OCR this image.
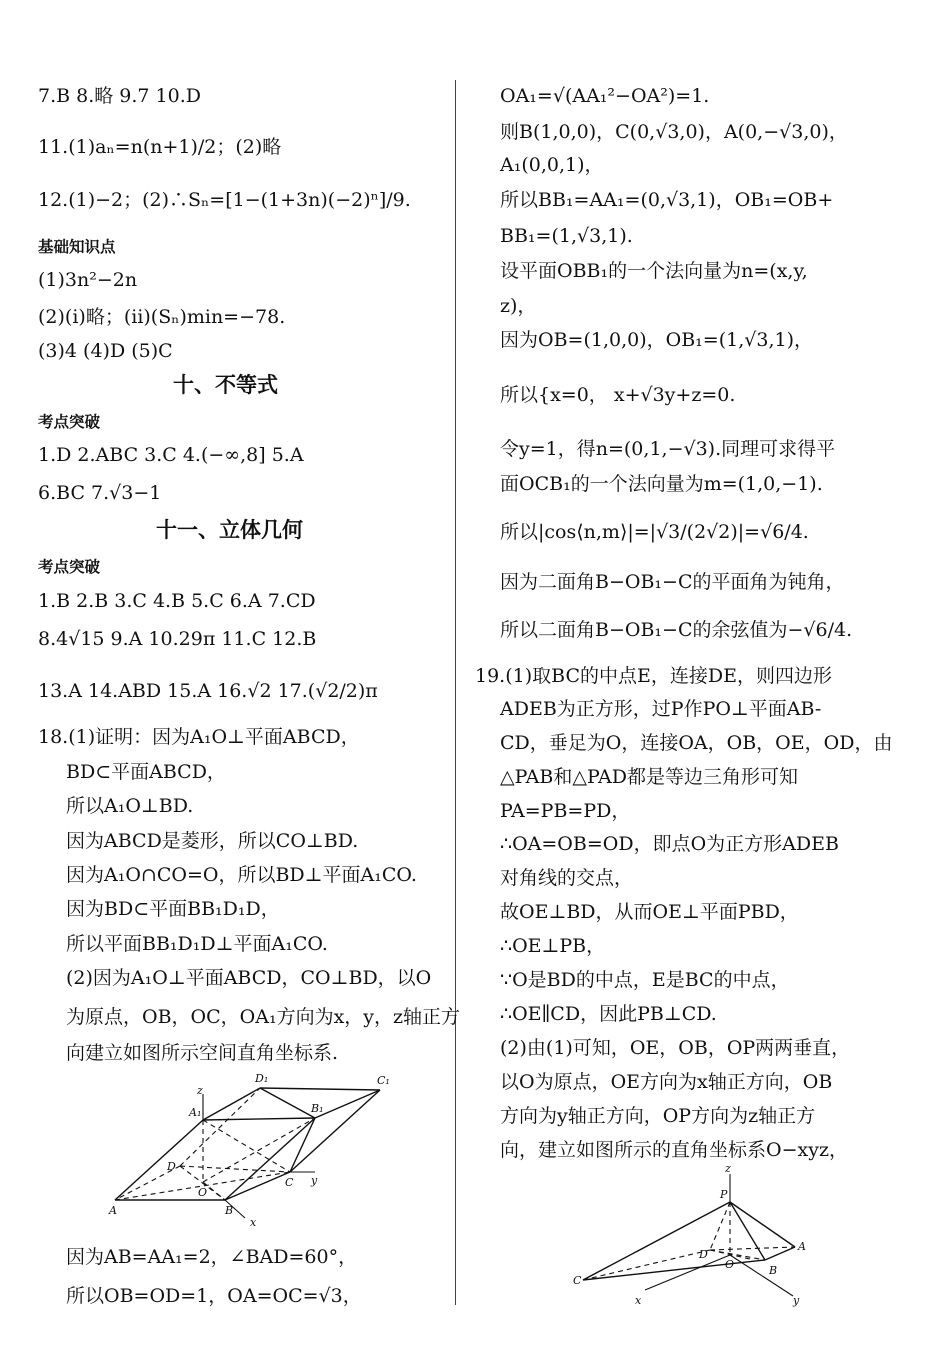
7.B 8.略 9.7 10.D
11.(1)aₙ=n(n+1)/2；(2)略
12.(1)−2；(2)∴Sₙ=[1−(1+3n)(−2)ⁿ]/9.
基础知识点
(1)3n²−2n
(2)(ⅰ)略；(ⅱ)(Sₙ)min=−78.
(3)4 (4)D (5)C
十、不等式
考点突破
1.D 2.ABC 3.C 4.(−∞,8] 5.A
6.BC 7.√3−1
十一、立体几何
考点突破
1.B 2.B 3.C 4.B 5.C 6.A 7.CD
8.4√15 9.A 10.29π 11.C 12.B
13.A 14.ABD 15.A 16.√2 17.(√2/2)π
18.(1)证明：因为A₁O⊥平面ABCD，
BD⊂平面ABCD，
所以A₁O⊥BD.
因为ABCD是菱形，所以CO⊥BD.
因为A₁O∩CO=O，所以BD⊥平面A₁CO.
因为BD⊂平面BB₁D₁D，
所以平面BB₁D₁D⊥平面A₁CO.
(2)因为A₁O⊥平面ABCD，CO⊥BD，以O
为原点，OB，OC，OA₁方向为x，y，z轴正方
向建立如图所示空间直角坐标系.
因为AB=AA₁=2，∠BAD=60°，
所以OB=OD=1，OA=OC=√3，
OA₁=√(AA₁²−OA²)=1.
则B(1,0,0)，C(0,√3,0)，A(0,−√3,0)，
A₁(0,0,1)，
所以BB₁=AA₁=(0,√3,1)，OB₁=OB+
BB₁=(1,√3,1).
设平面OBB₁的一个法向量为n=(x,y,
z)，
因为OB=(1,0,0)，OB₁=(1,√3,1)，
所以{x=0， x+√3y+z=0.
令y=1，得n=(0,1,−√3).同理可求得平
面OCB₁的一个法向量为m=(1,0,−1).
所以|cos⟨n,m⟩|=|√3/(2√2)|=√6/4.
因为二面角B−OB₁−C的平面角为钝角，
所以二面角B−OB₁−C的余弦值为−√6/4.
19.(1)取BC的中点E，连接DE，则四边形
ADEB为正方形，过P作PO⊥平面AB-
CD，垂足为O，连接OA，OB，OE，OD，由
△PAB和△PAD都是等边三角形可知
PA=PB=PD，
∴OA=OB=OD，即点O为正方形ADEB
对角线的交点，
故OE⊥BD，从而OE⊥平面PBD，
∴OE⊥PB，
∵O是BD的中点，E是BC的中点，
∴OE∥CD，因此PB⊥CD.
(2)由(1)可知，OE，OB，OP两两垂直，
以O为原点，OE方向为x轴正方向，OB
方向为y轴正方向，OP方向为z轴正方
向，建立如图所示的直角坐标系O−xyz，
z
D₁	C₁
A₁	B₁
D
O
C y
A	B
x
z
P
D
A
O
C
B
x	y
